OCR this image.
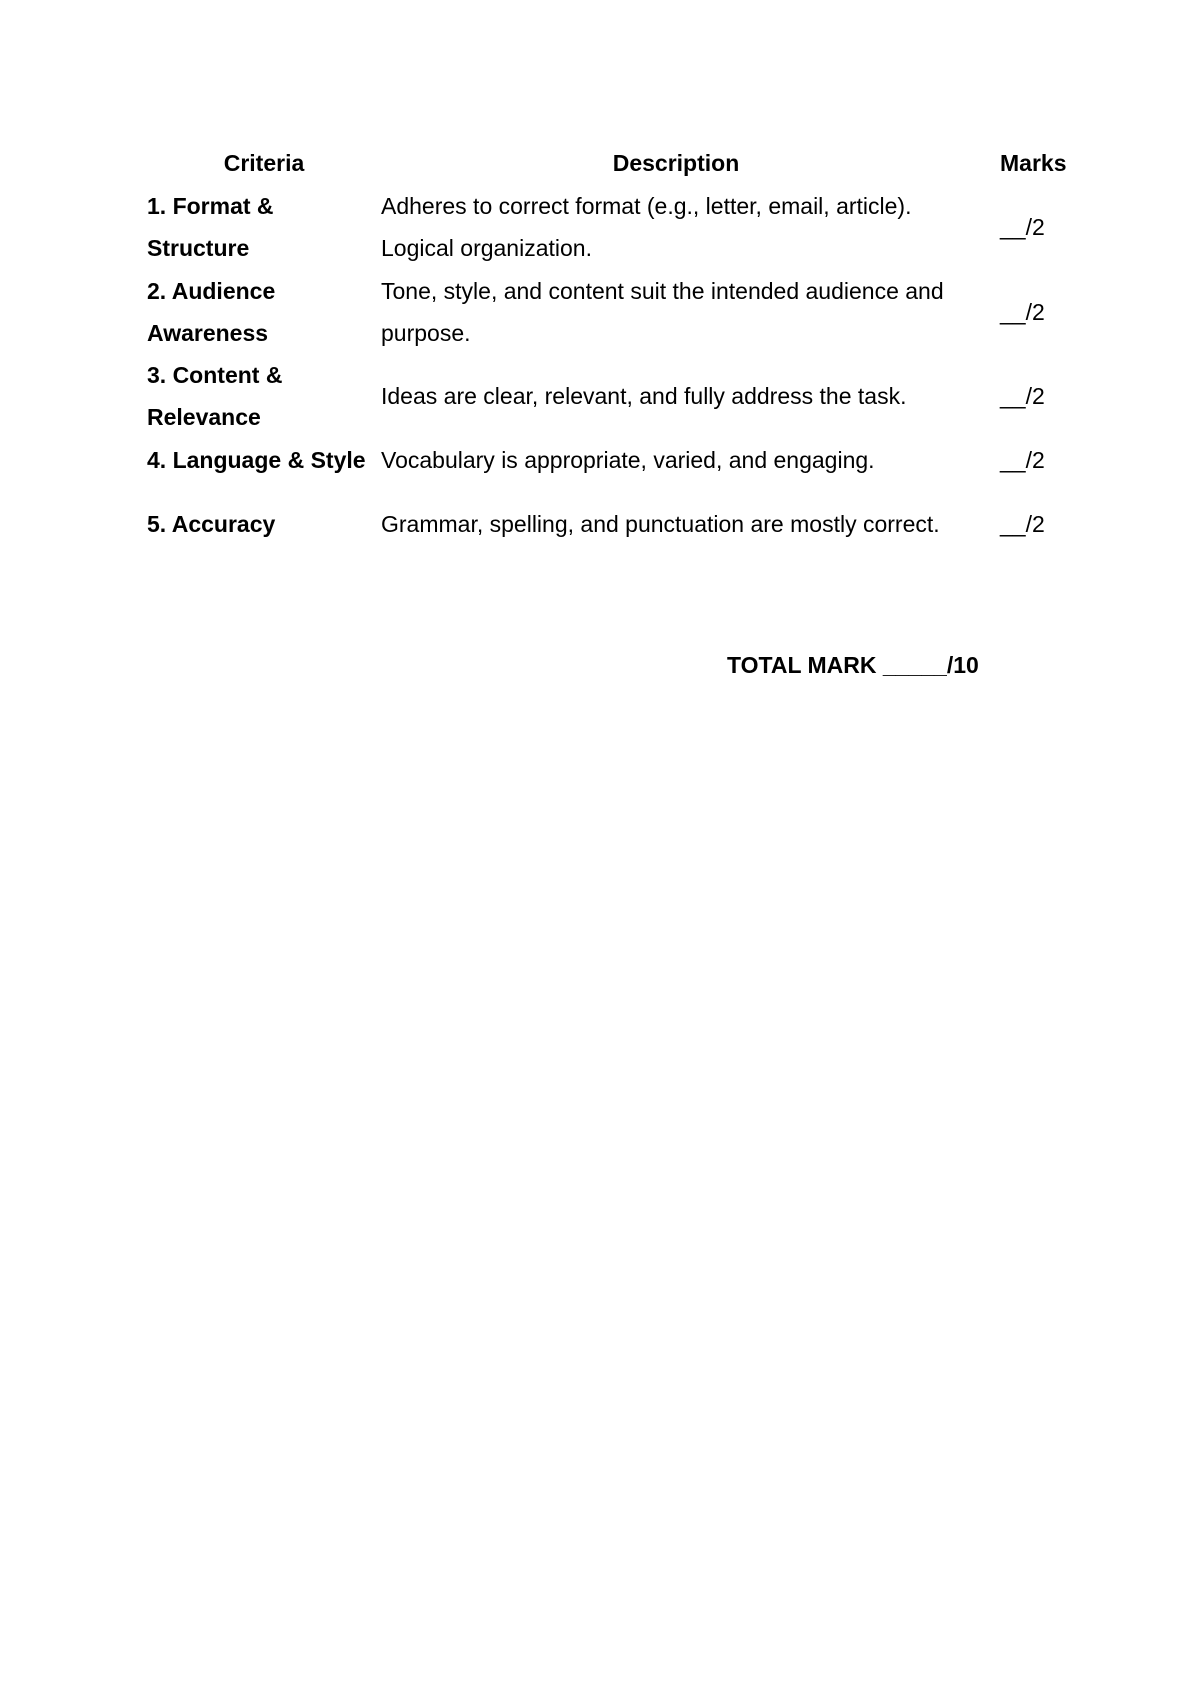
Criteria	Description	Marks
1. Format & Structure	Adheres to correct format (e.g., letter, email, article). Logical organization.	__/2
2. Audience Awareness	Tone, style, and content suit the intended audience and purpose.	__/2
3. Content & Relevance	Ideas are clear, relevant, and fully address the task.	__/2
4. Language & Style	Vocabulary is appropriate, varied, and engaging.	__/2
5. Accuracy	Grammar, spelling, and punctuation are mostly correct.	__/2
TOTAL MARK _____/10
